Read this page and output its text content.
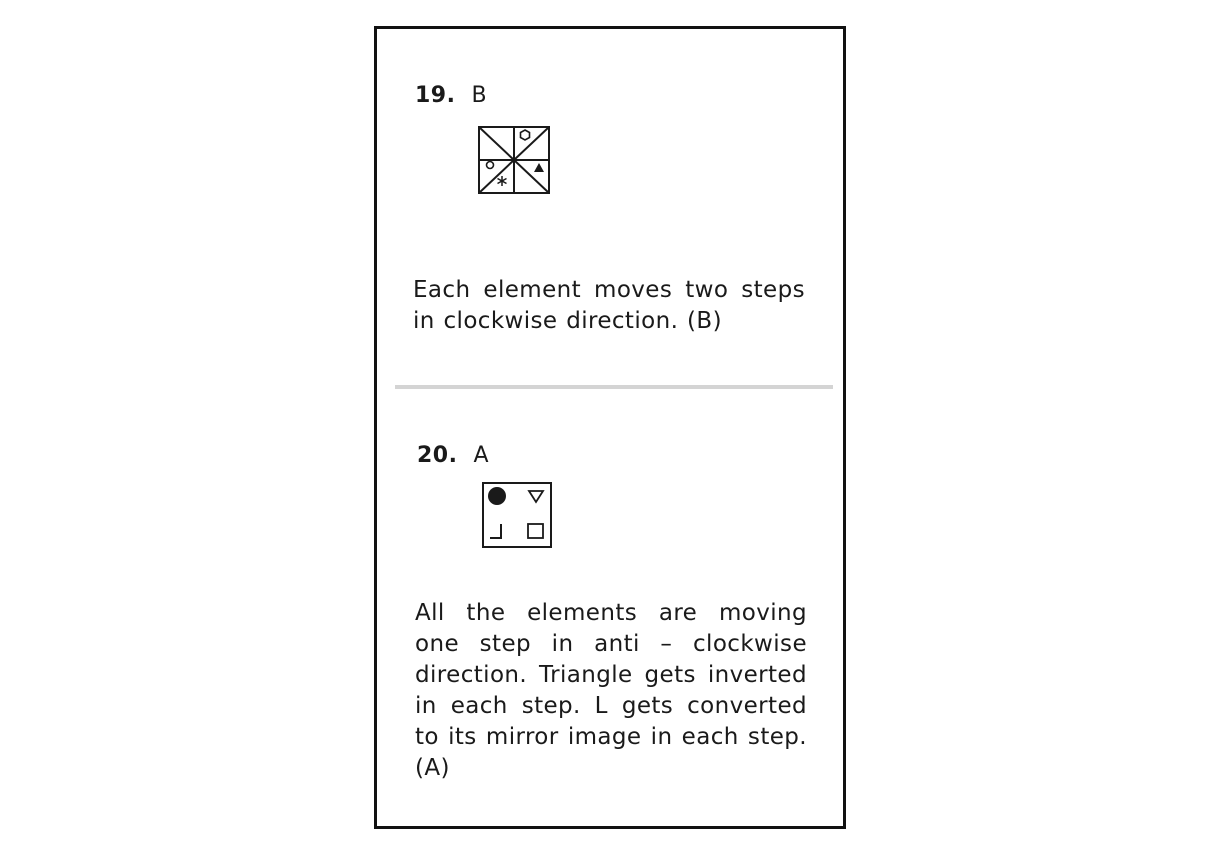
19. B
Each element moves two steps in clockwise direction. (B)
20. A
All the elements are moving one step in anti – clockwise direction. Triangle gets inverted in each step. L gets converted to its mirror image in each step. (A)
